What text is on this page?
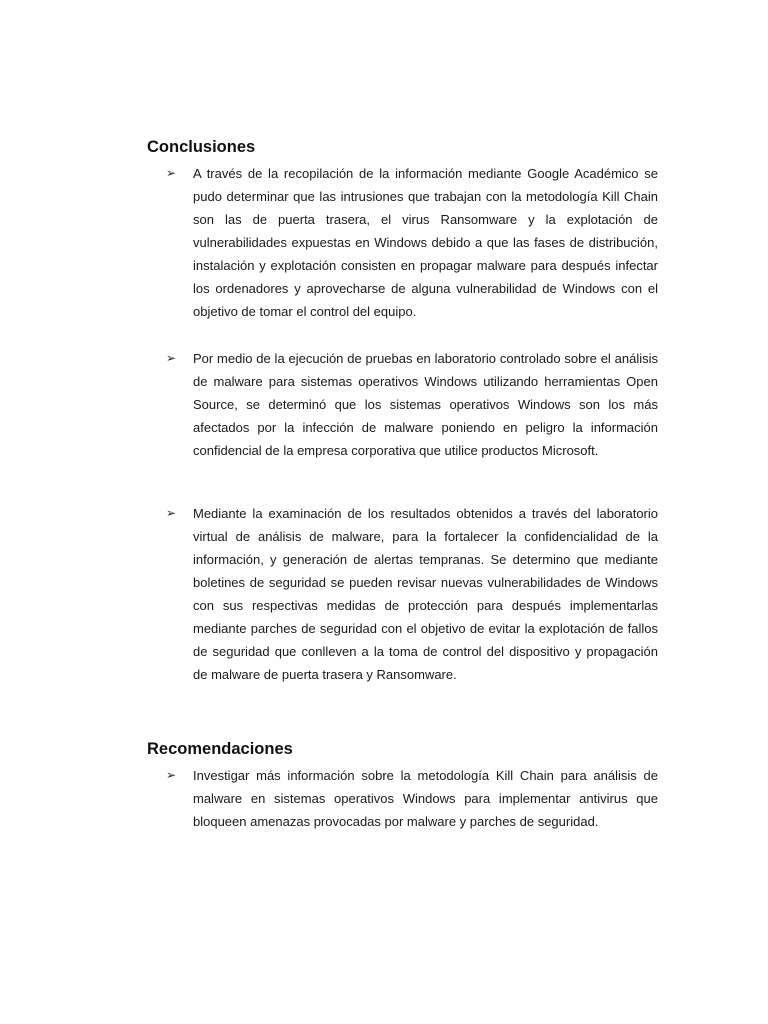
Conclusiones
➢	A través de la recopilación de la información mediante Google Académico se pudo determinar que las intrusiones que trabajan con la metodología Kill Chain son las de puerta trasera, el virus Ransomware y la explotación de vulnerabilidades expuestas en Windows debido a que las fases de distribución, instalación y explotación consisten en propagar malware para después infectar los ordenadores y aprovecharse de alguna vulnerabilidad de Windows con el objetivo de tomar el control del equipo.

➢	Por medio de la ejecución de pruebas en laboratorio controlado sobre el análisis de malware para sistemas operativos Windows utilizando herramientas Open Source, se determinó que los sistemas operativos Windows son los más afectados por la infección de malware poniendo en peligro la información confidencial de la empresa corporativa que utilice productos Microsoft.

➢	Mediante la examinación de los resultados obtenidos a través del laboratorio virtual de análisis de malware, para la fortalecer la confidencialidad de la información, y generación de alertas tempranas. Se determino que mediante boletines de seguridad se pueden revisar nuevas vulnerabilidades de Windows con sus respectivas medidas de protección para después implementarlas mediante parches de seguridad con el objetivo de evitar la explotación de fallos de seguridad que conlleven a la toma de control del dispositivo y propagación de malware de puerta trasera y Ransomware.

Recomendaciones
➢	Investigar más información sobre la metodología Kill Chain para análisis de malware en sistemas operativos Windows para implementar antivirus que bloqueen amenazas provocadas por malware y parches de seguridad.
